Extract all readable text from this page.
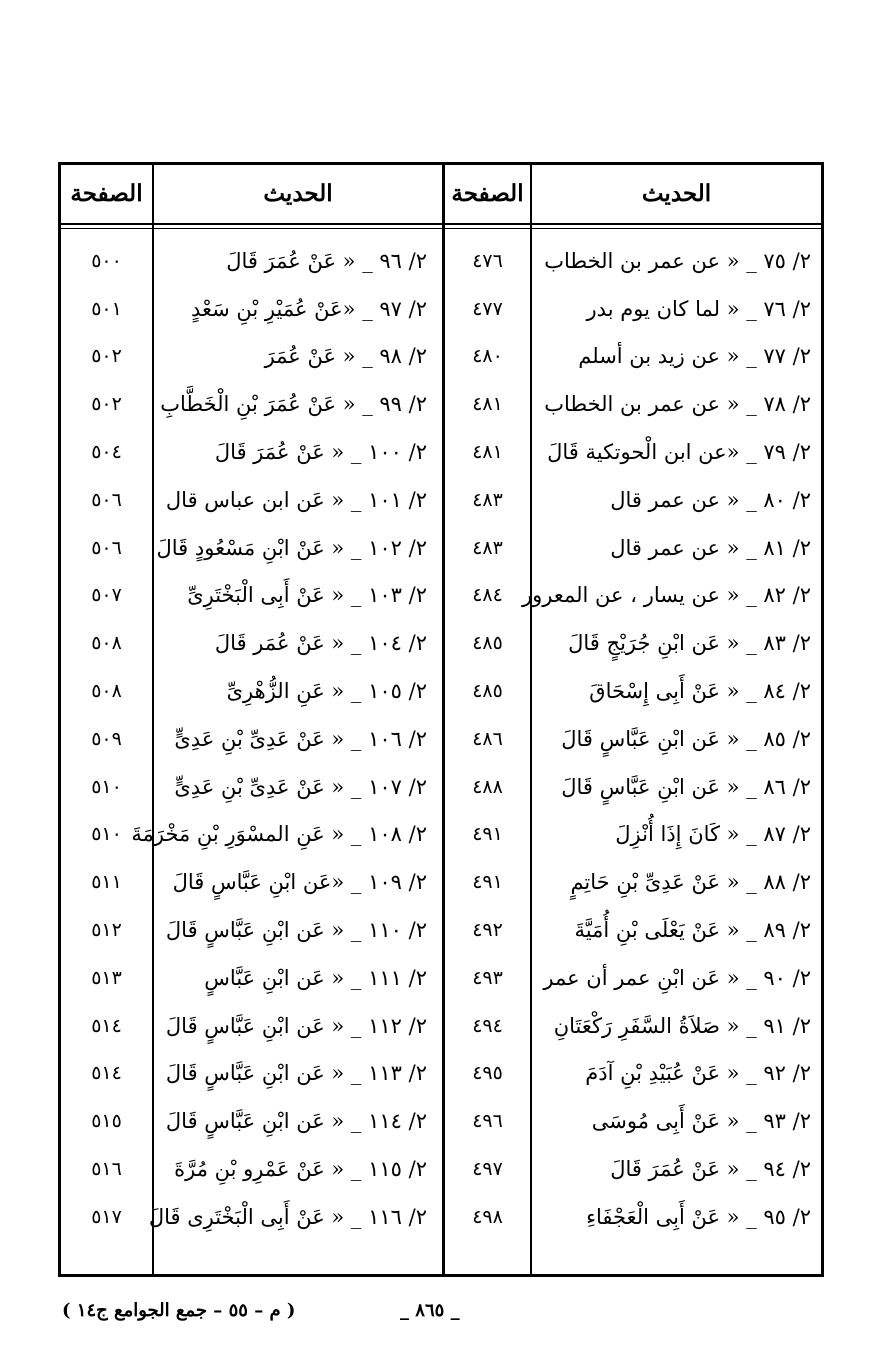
الصفحة	الحديث	الصفحة	الحديث
٥٠٠	٢/ ٩٦ _ « عَنْ عُمَرَ قَالَ	٤٧٦	٢/ ٧٥ _ « عن عمر بن الخطاب
٥٠١	٢/ ٩٧ _ «عَنْ عُمَيْرِ بْنِ سَعْدٍ	٤٧٧	٢/ ٧٦ _ « لما كان يوم بدر
٥٠٢	٢/ ٩٨ _ « عَنْ عُمَرَ	٤٨٠	٢/ ٧٧ _ « عن زيد بن أسلم
٥٠٢	٢/ ٩٩ _ « عَنْ عُمَرَ بْنِ الْخَطَّابِ	٤٨١	٢/ ٧٨ _ « عن عمر بن الخطاب
٥٠٤	٢/ ١٠٠ _ « عَنْ عُمَرَ قَالَ	٤٨١	٢/ ٧٩ _ «عن ابن الْحوتكية قَالَ
٥٠٦	٢/ ١٠١ _ « عَن ابن عباس قال	٤٨٣	٢/ ٨٠ _ « عن عمر قال
٥٠٦	٢/ ١٠٢ _ « عَنْ ابْنِ مَسْعُودٍ قَالَ	٤٨٣	٢/ ٨١ _ « عن عمر قال
٥٠٧	٢/ ١٠٣ _ « عَنْ أَبِى الْبَخْتَرِىِّ	٤٨٤ ٢/ ٨٢ _ « عن يسار ، عن المعرور
٥٠٨	٢/ ١٠٤ _ « عَنْ عُمَر قَالَ	٤٨٥	٢/ ٨٣ _ « عَن ابْنِ جُرَيْجٍ قَالَ
٥٠٨	٢/ ١٠٥ _ « عَنِ الزُّهْرِىِّ	٤٨٥	٢/ ٨٤ _ « عَنْ أَبِى إِسْحَاقَ
٥٠٩	٢/ ١٠٦ _ « عَنْ عَدِىِّ بْنِ عَدِىٍّ	٤٨٦	٢/ ٨٥ _ « عَن ابْنِ عَبَّاسٍ قَالَ
٥١٠	٢/ ١٠٧ _ « عَنْ عَدِىِّ بْنِ عَدِىٍّ	٤٨٨	٢/ ٨٦ _ « عَن ابْنِ عَبَّاسٍ قَالَ
٥١٠ ٢/ ١٠٨ _ « عَنِ المسْوَرِ بْنِ مَخْرَمَةَ	٤٩١	٢/ ٨٧ _ « كَانَ إِذَا أُنْزِلَ
٥١١	٢/ ١٠٩ _ «عَن ابْنِ عَبَّاسٍ قَالَ	٤٩١	٢/ ٨٨ _ « عَنْ عَدِىِّ بْنِ حَاتِمٍ
٥١٢	٢/ ١١٠ _ « عَن ابْنِ عَبَّاسٍ قَالَ	٤٩٢	٢/ ٨٩ _ « عَنْ يَعْلَى بْنِ أُمَيَّةَ
٥١٣	٢/ ١١١ _ « عَن ابْنِ عَبَّاسٍ	٤٩٣	٢/ ٩٠ _ « عَن ابْنِ عمر أن عمر
٥١٤	٢/ ١١٢ _ « عَن ابْنِ عَبَّاسٍ قَالَ	٤٩٤	٢/ ٩١ _ « صَلاَةُ السَّفَرِ رَكْعَتَانِ
٥١٤	٢/ ١١٣ _ « عَن ابْنِ عَبَّاسٍ قَالَ	٤٩٥	٢/ ٩٢ _ « عَنْ عُبَيْدِ بْنِ آدَمَ
٥١٥	٢/ ١١٤ _ « عَن ابْنِ عَبَّاسٍ قَالَ	٤٩٦	٢/ ٩٣ _ « عَنْ أَبِى مُوسَى
٥١٦	٢/ ١١٥ _ « عَنْ عَمْرِو بْنِ مُرَّةَ	٤٩٧	٢/ ٩٤ _ « عَنْ عُمَرَ قَالَ
٥١٧	٢/ ١١٦ _ « عَنْ أَبِى الْبَخْتَرِى قَالَ	٤٩٨	٢/ ٩٥ _ « عَنْ أَبِى الْعَجْفَاءِ
( م – ٥٥ – جمع الجوامع ج١٤ )	_ ٨٦٥ _
